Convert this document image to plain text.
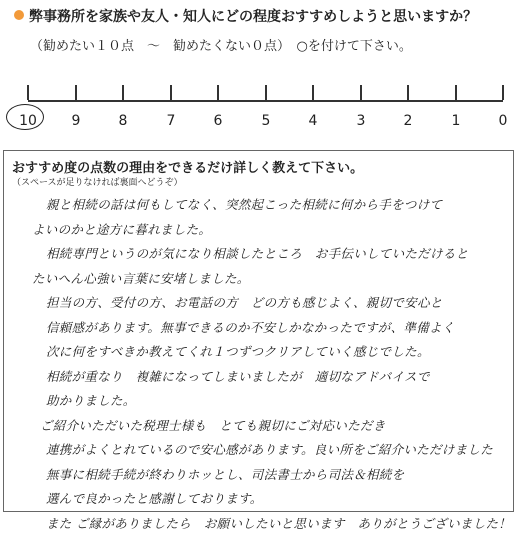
弊事務所を家族や友人・知人にどの程度おすすめしようと思いますか？
（勧めたい１０点　～　勧めたくない０点）　○を付けて下さい。
10 9	8	7	6	5	4	3	2	1	0
おすすめ度の点数の理由をできるだけ詳しく教えて下さい。
（スペースが足りなければ裏面へどうぞ）
親と相続の話は何もしてなく、突然起こった相続に何から手をつけて
よいのかと途方に暮れました。
相続専門というのが気になり相談したところ　お手伝いしていただけると
たいへん心強い言葉に安堵しました。
担当の方、受付の方、お電話の方　どの方も感じよく、親切で安心と
信頼感があります。無事できるのか不安しかなかったですが、準備よく
次に何をすべきか教えてくれ１つずつクリアしていく感じでした。
相続が重なり　複雑になってしまいましたが　適切なアドバイスで
助かりました。
ご紹介いただいた税理士様も　とても親切にご対応いただき
連携がよくとれているので安心感があります。良い所をご紹介いただけました
無事に相続手続が終わりホッとし、司法書士から司法＆相続を
選んで良かったと感謝しております。
また ご縁がありましたら　お願いしたいと思います　ありがとうございました！
